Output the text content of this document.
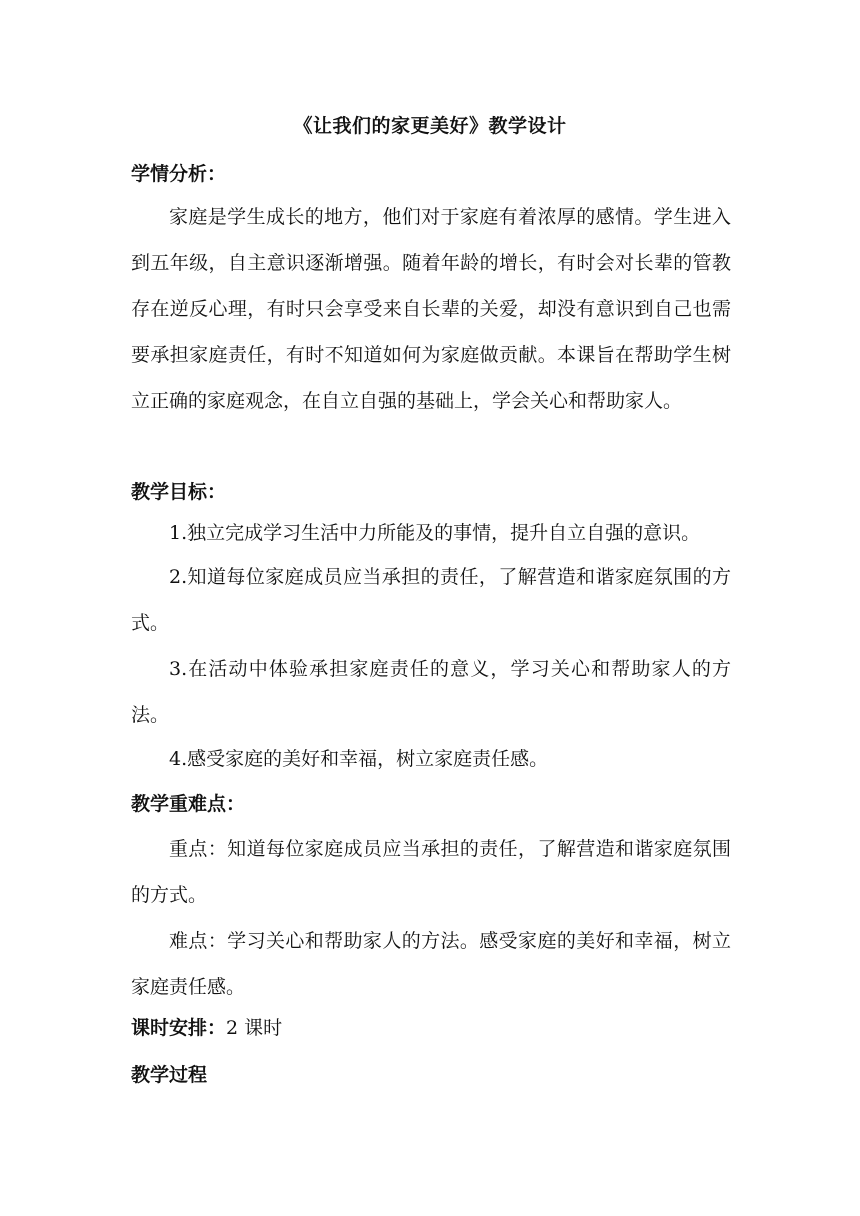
《让我们的家更美好》教学设计
学情分析：
家庭是学生成长的地方，他们对于家庭有着浓厚的感情。学生进入到五年级，自主意识逐渐增强。随着年龄的增长，有时会对长辈的管教存在逆反心理，有时只会享受来自长辈的关爱，却没有意识到自己也需要承担家庭责任，有时不知道如何为家庭做贡献。本课旨在帮助学生树立正确的家庭观念，在自立自强的基础上，学会关心和帮助家人。
教学目标：
1.独立完成学习生活中力所能及的事情，提升自立自强的意识。
2.知道每位家庭成员应当承担的责任，了解营造和谐家庭氛围的方式。
3.在活动中体验承担家庭责任的意义，学习关心和帮助家人的方法。
4.感受家庭的美好和幸福，树立家庭责任感。
教学重难点：
重点：知道每位家庭成员应当承担的责任，了解营造和谐家庭氛围的方式。
难点：学习关心和帮助家人的方法。感受家庭的美好和幸福，树立家庭责任感。
课时安排：2 课时
教学过程
